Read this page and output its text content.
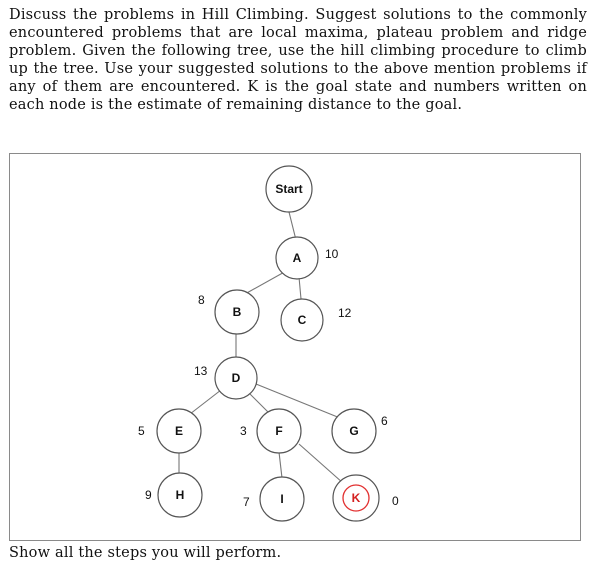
Discuss the problems in Hill Climbing. Suggest solutions to the commonly encountered problems that are local maxima, plateau problem and ridge problem. Given the following tree, use the hill climbing procedure to climb up the tree. Use your suggested solutions to the above mention problems if any of them are encountered. K is the goal state and numbers written on each node is the estimate of remaining distance to the goal.

Start
A 10
B
8
C	12
D
13
E
5	F
3	G
6
H
9	I
7	K	0

Show all the steps you will perform.
